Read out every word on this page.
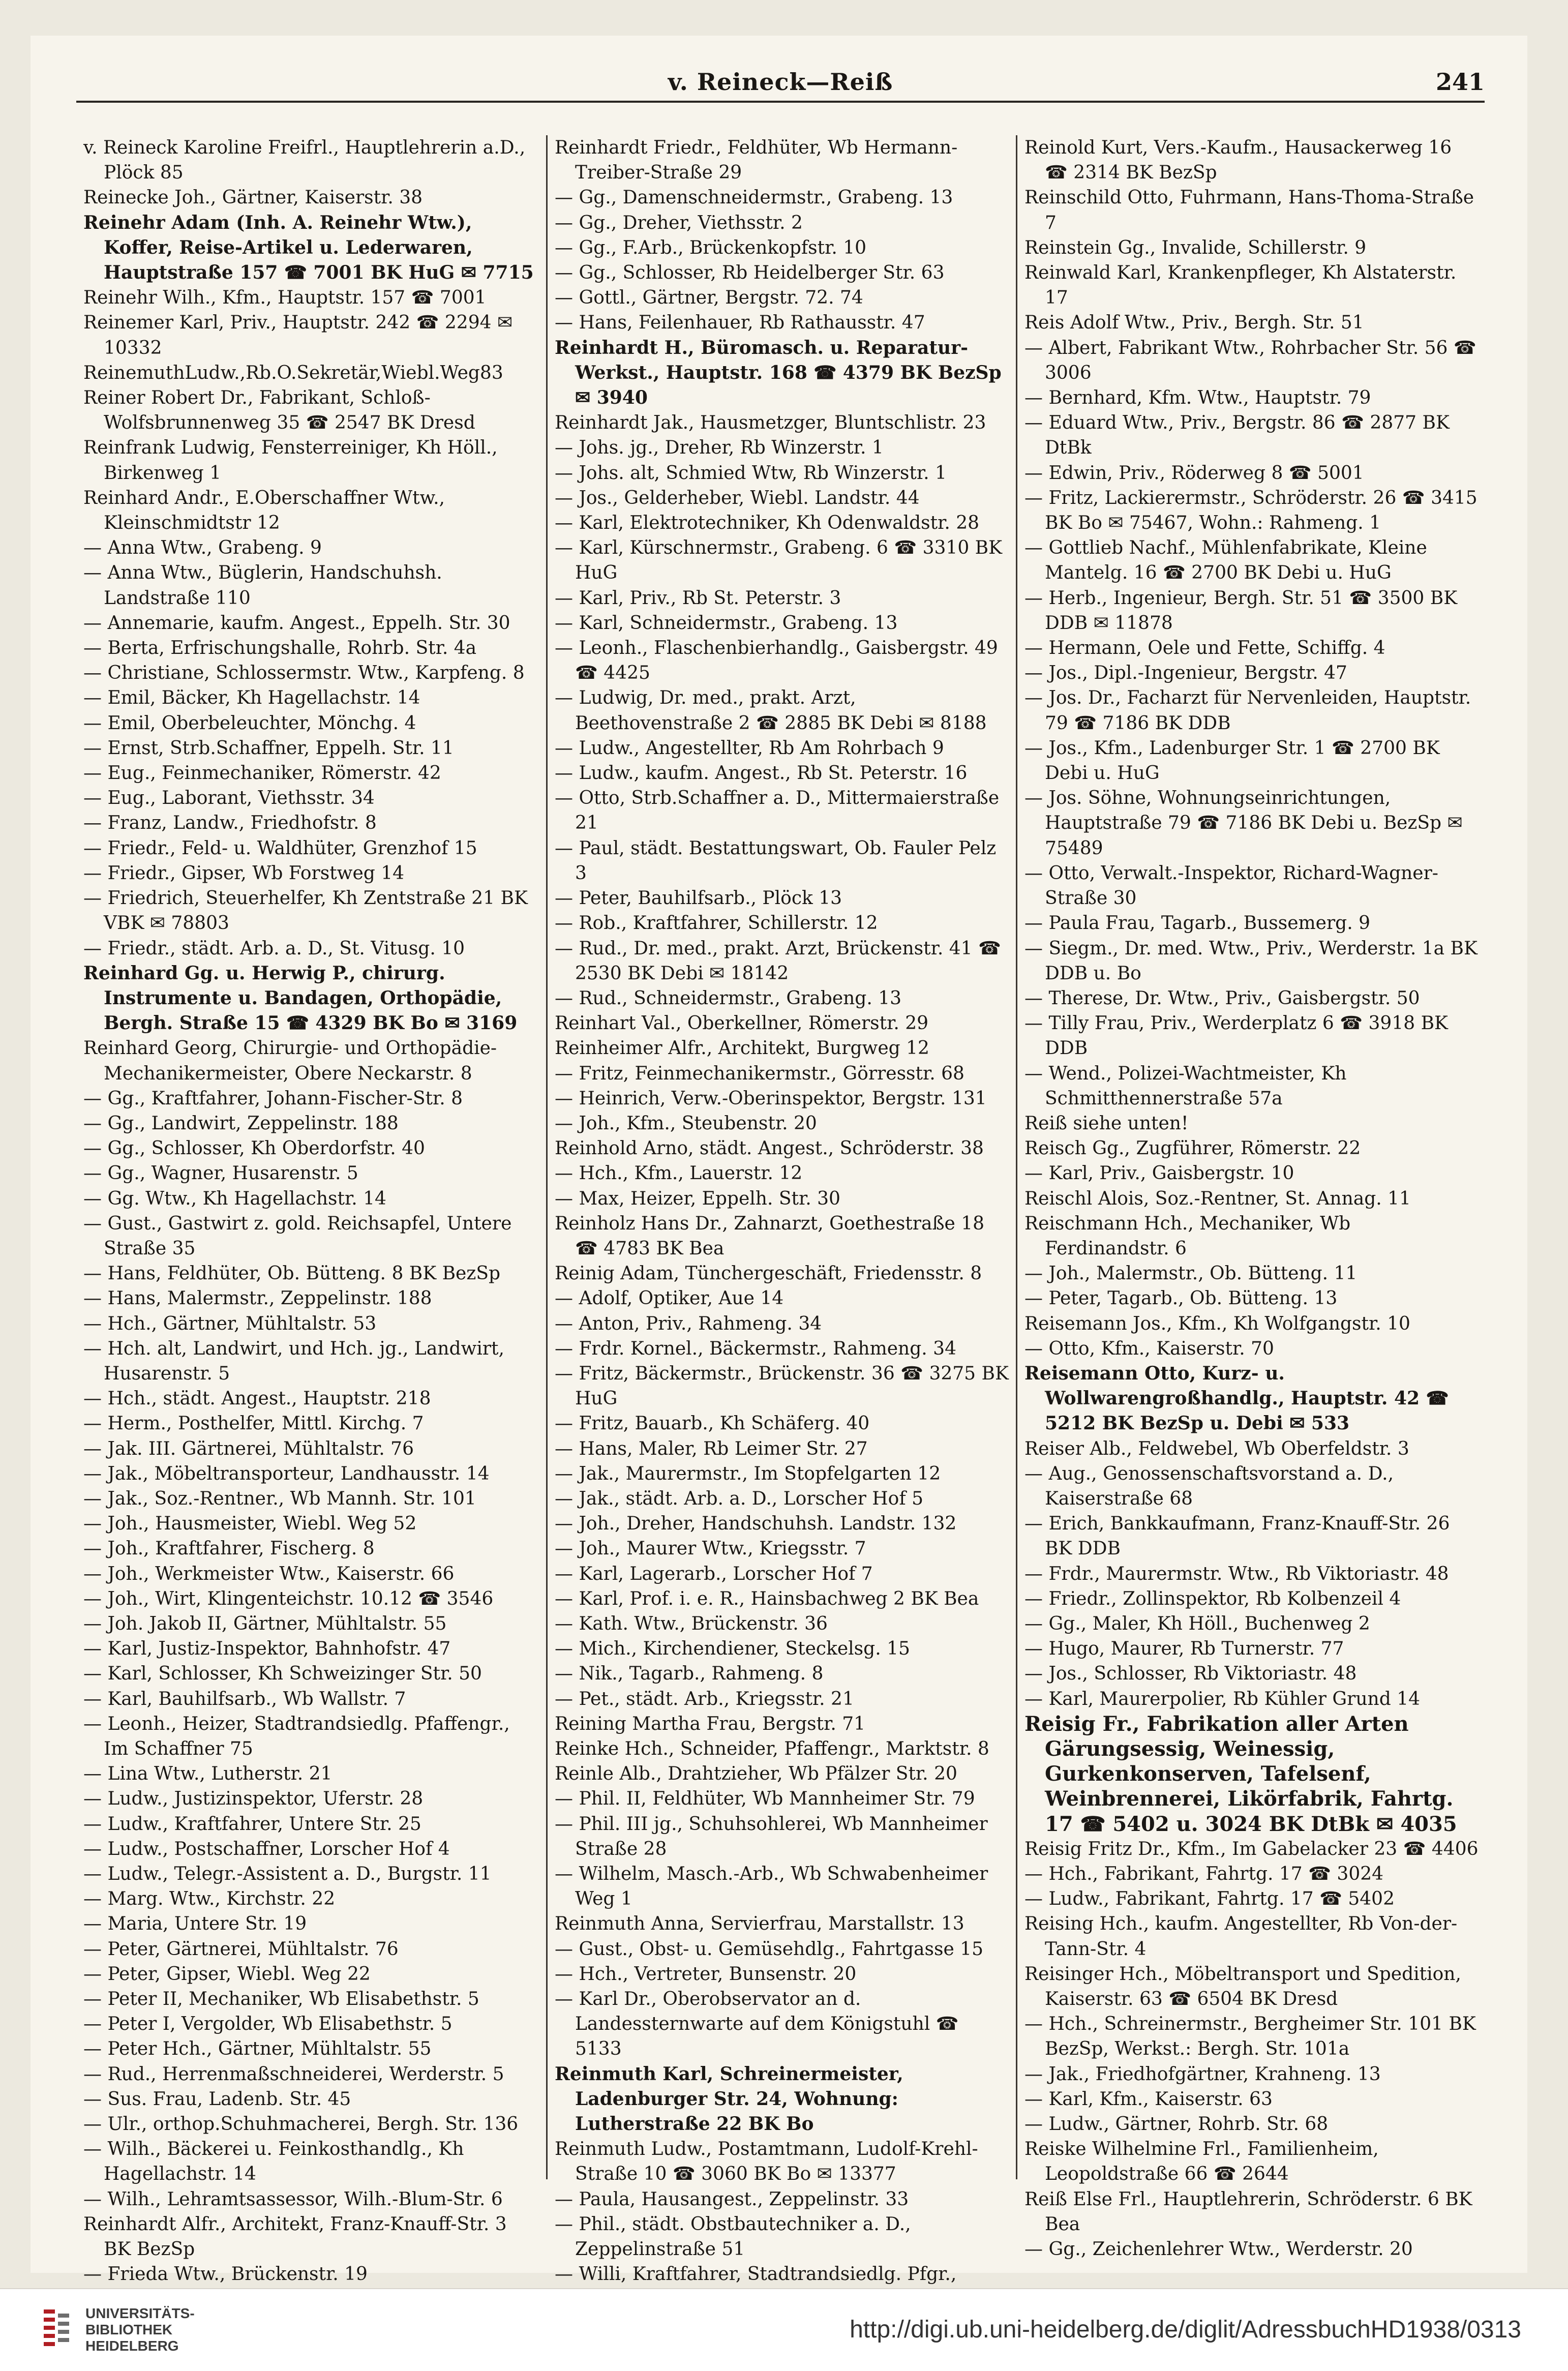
v. Reineck—Reiß	241
v. Reineck Karoline Freifrl., Hauptlehrerin a.D., Plöck 85
Reinecke Joh., Gärtner, Kaiserstr. 38
Reinehr Adam (Inh. A. Reinehr Wtw.), Koffer, Reise-Artikel u. Lederwaren, Hauptstraße 157 ☎ 7001 BK HuG ✉ 7715
Reinehr Wilh., Kfm., Hauptstr. 157 ☎ 7001
Reinemer Karl, Priv., Hauptstr. 242 ☎ 2294 ✉ 10332
ReinemuthLudw.,Rb.O.Sekretär,Wiebl.Weg83
Reiner Robert Dr., Fabrikant, Schloß-Wolfsbrunnenweg 35 ☎ 2547 BK Dresd
Reinfrank Ludwig, Fensterreiniger, Kh Höll., Birkenweg 1
Reinhard Andr., E.Oberschaffner Wtw., Kleinschmidtstr 12
— Anna Wtw., Grabeng. 9
— Anna Wtw., Büglerin, Handschuhsh. Landstraße 110
— Annemarie, kaufm. Angest., Eppelh. Str. 30
— Berta, Erfrischungshalle, Rohrb. Str. 4a
— Christiane, Schlossermstr. Wtw., Karpfeng. 8
— Emil, Bäcker, Kh Hagellachstr. 14
— Emil, Oberbeleuchter, Mönchg. 4
— Ernst, Strb.Schaffner, Eppelh. Str. 11
— Eug., Feinmechaniker, Römerstr. 42
— Eug., Laborant, Viethsstr. 34
— Franz, Landw., Friedhofstr. 8
— Friedr., Feld- u. Waldhüter, Grenzhof 15
— Friedr., Gipser, Wb Forstweg 14
— Friedrich, Steuerhelfer, Kh Zentstraße 21 BK VBK ✉ 78803
— Friedr., städt. Arb. a. D., St. Vitusg. 10
Reinhard Gg. u. Herwig P., chirurg. Instrumente u. Bandagen, Orthopädie, Bergh. Straße 15 ☎ 4329 BK Bo ✉ 3169
Reinhard Georg, Chirurgie- und Orthopädie-Mechanikermeister, Obere Neckarstr. 8
— Gg., Kraftfahrer, Johann-Fischer-Str. 8
— Gg., Landwirt, Zeppelinstr. 188
— Gg., Schlosser, Kh Oberdorfstr. 40
— Gg., Wagner, Husarenstr. 5
— Gg. Wtw., Kh Hagellachstr. 14
— Gust., Gastwirt z. gold. Reichsapfel, Untere Straße 35
— Hans, Feldhüter, Ob. Bütteng. 8 BK BezSp
— Hans, Malermstr., Zeppelinstr. 188
— Hch., Gärtner, Mühltalstr. 53
— Hch. alt, Landwirt, und Hch. jg., Landwirt, Husarenstr. 5
— Hch., städt. Angest., Hauptstr. 218
— Herm., Posthelfer, Mittl. Kirchg. 7
— Jak. III. Gärtnerei, Mühltalstr. 76
— Jak., Möbeltransporteur, Landhausstr. 14
— Jak., Soz.-Rentner., Wb Mannh. Str. 101
— Joh., Hausmeister, Wiebl. Weg 52
— Joh., Kraftfahrer, Fischerg. 8
— Joh., Werkmeister Wtw., Kaiserstr. 66
— Joh., Wirt, Klingenteichstr. 10.12 ☎ 3546
— Joh. Jakob II, Gärtner, Mühltalstr. 55
— Karl, Justiz-Inspektor, Bahnhofstr. 47
— Karl, Schlosser, Kh Schweizinger Str. 50
— Karl, Bauhilfsarb., Wb Wallstr. 7
— Leonh., Heizer, Stadtrandsiedlg. Pfaffengr., Im Schaffner 75
— Lina Wtw., Lutherstr. 21
— Ludw., Justizinspektor, Uferstr. 28
— Ludw., Kraftfahrer, Untere Str. 25
— Ludw., Postschaffner, Lorscher Hof 4
— Ludw., Telegr.-Assistent a. D., Burgstr. 11
— Marg. Wtw., Kirchstr. 22
— Maria, Untere Str. 19
— Peter, Gärtnerei, Mühltalstr. 76
— Peter, Gipser, Wiebl. Weg 22
— Peter II, Mechaniker, Wb Elisabethstr. 5
— Peter I, Vergolder, Wb Elisabethstr. 5
— Peter Hch., Gärtner, Mühltalstr. 55
— Rud., Herrenmaßschneiderei, Werderstr. 5
— Sus. Frau, Ladenb. Str. 45
— Ulr., orthop.Schuhmacherei, Bergh. Str. 136
— Wilh., Bäckerei u. Feinkosthandlg., Kh Hagellachstr. 14
— Wilh., Lehramtsassessor, Wilh.-Blum-Str. 6
Reinhardt Alfr., Architekt, Franz-Knauff-Str. 3 BK BezSp
— Frieda Wtw., Brückenstr. 19
Reinhardt Friedr., Feldhüter, Wb Hermann-Treiber-Straße 29
— Gg., Damenschneidermstr., Grabeng. 13
— Gg., Dreher, Viethsstr. 2
— Gg., F.Arb., Brückenkopfstr. 10
— Gg., Schlosser, Rb Heidelberger Str. 63
— Gottl., Gärtner, Bergstr. 72. 74
— Hans, Feilenhauer, Rb Rathausstr. 47
Reinhardt H., Büromasch. u. Reparatur-Werkst., Hauptstr. 168 ☎ 4379 BK BezSp ✉ 3940
Reinhardt Jak., Hausmetzger, Bluntschlistr. 23
— Johs. jg., Dreher, Rb Winzerstr. 1
— Johs. alt, Schmied Wtw, Rb Winzerstr. 1
— Jos., Gelderheber, Wiebl. Landstr. 44
— Karl, Elektrotechniker, Kh Odenwaldstr. 28
— Karl, Kürschnermstr., Grabeng. 6 ☎ 3310 BK HuG
— Karl, Priv., Rb St. Peterstr. 3
— Karl, Schneidermstr., Grabeng. 13
— Leonh., Flaschenbierhandlg., Gaisbergstr. 49 ☎ 4425
— Ludwig, Dr. med., prakt. Arzt, Beethovenstraße 2 ☎ 2885 BK Debi ✉ 8188
— Ludw., Angestellter, Rb Am Rohrbach 9
— Ludw., kaufm. Angest., Rb St. Peterstr. 16
— Otto, Strb.Schaffner a. D., Mittermaierstraße 21
— Paul, städt. Bestattungswart, Ob. Fauler Pelz 3
— Peter, Bauhilfsarb., Plöck 13
— Rob., Kraftfahrer, Schillerstr. 12
— Rud., Dr. med., prakt. Arzt, Brückenstr. 41 ☎ 2530 BK Debi ✉ 18142
— Rud., Schneidermstr., Grabeng. 13
Reinhart Val., Oberkellner, Römerstr. 29
Reinheimer Alfr., Architekt, Burgweg 12
— Fritz, Feinmechanikermstr., Görresstr. 68
— Heinrich, Verw.-Oberinspektor, Bergstr. 131
— Joh., Kfm., Steubenstr. 20
Reinhold Arno, städt. Angest., Schröderstr. 38
— Hch., Kfm., Lauerstr. 12
— Max, Heizer, Eppelh. Str. 30
Reinholz Hans Dr., Zahnarzt, Goethestraße 18 ☎ 4783 BK Bea
Reinig Adam, Tünchergeschäft, Friedensstr. 8
— Adolf, Optiker, Aue 14
— Anton, Priv., Rahmeng. 34
— Frdr. Kornel., Bäckermstr., Rahmeng. 34
— Fritz, Bäckermstr., Brückenstr. 36 ☎ 3275 BK HuG
— Fritz, Bauarb., Kh Schäferg. 40
— Hans, Maler, Rb Leimer Str. 27
— Jak., Maurermstr., Im Stopfelgarten 12
— Jak., städt. Arb. a. D., Lorscher Hof 5
— Joh., Dreher, Handschuhsh. Landstr. 132
— Joh., Maurer Wtw., Kriegsstr. 7
— Karl, Lagerarb., Lorscher Hof 7
— Karl, Prof. i. e. R., Hainsbachweg 2 BK Bea
— Kath. Wtw., Brückenstr. 36
— Mich., Kirchendiener, Steckelsg. 15
— Nik., Tagarb., Rahmeng. 8
— Pet., städt. Arb., Kriegsstr. 21
Reining Martha Frau, Bergstr. 71
Reinke Hch., Schneider, Pfaffengr., Marktstr. 8
Reinle Alb., Drahtzieher, Wb Pfälzer Str. 20
— Phil. II, Feldhüter, Wb Mannheimer Str. 79
— Phil. III jg., Schuhsohlerei, Wb Mannheimer Straße 28
— Wilhelm, Masch.-Arb., Wb Schwabenheimer Weg 1
Reinmuth Anna, Servierfrau, Marstallstr. 13
— Gust., Obst- u. Gemüsehdlg., Fahrtgasse 15
— Hch., Vertreter, Bunsenstr. 20
— Karl Dr., Oberobservator an d. Landessternwarte auf dem Königstuhl ☎ 5133
Reinmuth Karl, Schreinermeister, Ladenburger Str. 24, Wohnung: Lutherstraße 22 BK Bo
Reinmuth Ludw., Postamtmann, Ludolf-Krehl-Straße 10 ☎ 3060 BK Bo ✉ 13377
— Paula, Hausangest., Zeppelinstr. 33
— Phil., städt. Obstbautechniker a. D., Zeppelinstraße 51
— Willi, Kraftfahrer, Stadtrandsiedlg. Pfgr.,
Reinold Kurt, Vers.-Kaufm., Hausackerweg 16 ☎ 2314 BK BezSp
Reinschild Otto, Fuhrmann, Hans-Thoma-Straße 7
Reinstein Gg., Invalide, Schillerstr. 9
Reinwald Karl, Krankenpfleger, Kh Alstaterstr. 17
Reis Adolf Wtw., Priv., Bergh. Str. 51
— Albert, Fabrikant Wtw., Rohrbacher Str. 56 ☎ 3006
— Bernhard, Kfm. Wtw., Hauptstr. 79
— Eduard Wtw., Priv., Bergstr. 86 ☎ 2877 BK DtBk
— Edwin, Priv., Röderweg 8 ☎ 5001
— Fritz, Lackierermstr., Schröderstr. 26 ☎ 3415 BK Bo ✉ 75467, Wohn.: Rahmeng. 1
— Gottlieb Nachf., Mühlenfabrikate, Kleine Mantelg. 16 ☎ 2700 BK Debi u. HuG
— Herb., Ingenieur, Bergh. Str. 51 ☎ 3500 BK DDB ✉ 11878
— Hermann, Oele und Fette, Schiffg. 4
— Jos., Dipl.-Ingenieur, Bergstr. 47
— Jos. Dr., Facharzt für Nervenleiden, Hauptstr. 79 ☎ 7186 BK DDB
— Jos., Kfm., Ladenburger Str. 1 ☎ 2700 BK Debi u. HuG
— Jos. Söhne, Wohnungseinrichtungen, Hauptstraße 79 ☎ 7186 BK Debi u. BezSp ✉ 75489
— Otto, Verwalt.-Inspektor, Richard-Wagner-Straße 30
— Paula Frau, Tagarb., Bussemerg. 9
— Siegm., Dr. med. Wtw., Priv., Werderstr. 1a BK DDB u. Bo
— Therese, Dr. Wtw., Priv., Gaisbergstr. 50
— Tilly Frau, Priv., Werderplatz 6 ☎ 3918 BK DDB
— Wend., Polizei-Wachtmeister, Kh Schmitthennerstraße 57a
Reiß siehe unten!
Reisch Gg., Zugführer, Römerstr. 22
— Karl, Priv., Gaisbergstr. 10
Reischl Alois, Soz.-Rentner, St. Annag. 11
Reischmann Hch., Mechaniker, Wb Ferdinandstr. 6
— Joh., Malermstr., Ob. Bütteng. 11
— Peter, Tagarb., Ob. Bütteng. 13
Reisemann Jos., Kfm., Kh Wolfgangstr. 10
— Otto, Kfm., Kaiserstr. 70
Reisemann Otto, Kurz- u. Wollwarengroßhandlg., Hauptstr. 42 ☎ 5212 BK BezSp u. Debi ✉ 533
Reiser Alb., Feldwebel, Wb Oberfeldstr. 3
— Aug., Genossenschaftsvorstand a. D., Kaiserstraße 68
— Erich, Bankkaufmann, Franz-Knauff-Str. 26 BK DDB
— Frdr., Maurermstr. Wtw., Rb Viktoriastr. 48
— Friedr., Zollinspektor, Rb Kolbenzeil 4
— Gg., Maler, Kh Höll., Buchenweg 2
— Hugo, Maurer, Rb Turnerstr. 77
— Jos., Schlosser, Rb Viktoriastr. 48
— Karl, Maurerpolier, Rb Kühler Grund 14
Reisig Fr., Fabrikation aller Arten Gärungsessig, Weinessig, Gurkenkonserven, Tafelsenf, Weinbrennerei, Likörfabrik, Fahrtg. 17 ☎ 5402 u. 3024 BK DtBk ✉ 4035
Reisig Fritz Dr., Kfm., Im Gabelacker 23 ☎ 4406
— Hch., Fabrikant, Fahrtg. 17 ☎ 3024
— Ludw., Fabrikant, Fahrtg. 17 ☎ 5402
Reising Hch., kaufm. Angestellter, Rb Von-der-Tann-Str. 4
Reisinger Hch., Möbeltransport und Spedition, Kaiserstr. 63 ☎ 6504 BK Dresd
— Hch., Schreinermstr., Bergheimer Str. 101 BK BezSp, Werkst.: Bergh. Str. 101a
— Jak., Friedhofgärtner, Krahneng. 13
— Karl, Kfm., Kaiserstr. 63
— Ludw., Gärtner, Rohrb. Str. 68
Reiske Wilhelmine Frl., Familienheim, Leopoldstraße 66 ☎ 2644
Reiß Else Frl., Hauptlehrerin, Schröderstr. 6 BK Bea
— Gg., Zeichenlehrer Wtw., Werderstr. 20
UNIVERSITÄTS-
BIBLIOTHEK
HEIDELBERG
http://digi.ub.uni-heidelberg.de/diglit/AdressbuchHD1938/0313
